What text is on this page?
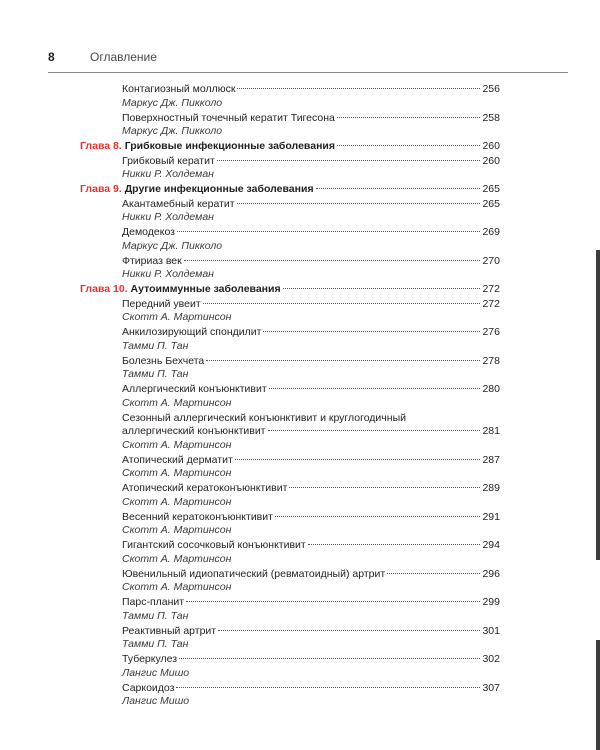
8	Оглавление
Контагиозный моллюск	256
Маркус Дж. Пикколо
Поверхностный точечный кератит Тигесона	258
Маркус Дж. Пикколо
Глава 8. Грибковые инфекционные заболевания	260
Грибковый кератит	260
Никки Р. Холдеман
Глава 9. Другие инфекционные заболевания	265
Акантамебный кератит	265
Никки Р. Холдеман
Демодекоз	269
Маркус Дж. Пикколо
Фтириаз век	270
Никки Р. Холдеман
Глава 10. Аутоиммунные заболевания	272
Передний увеит	272
Скотт А. Мартинсон
Анкилозирующий спондилит	276
Тамми П. Тан
Болезнь Бехчета	278
Тамми П. Тан
Аллергический конъюнктивит	280
Скотт А. Мартинсон
Сезонный аллергический конъюнктивит и круглогодичный
аллергический конъюнктивит	281
Скотт А. Мартинсон
Атопический дерматит	287
Скотт А. Мартинсон
Атопический кератоконъюнктивит	289
Скотт А. Мартинсон
Весенний кератоконъюнктивит	291
Скотт А. Мартинсон
Гигантский сосочковый конъюнктивит	294
Скотт А. Мартинсон
Ювенильный идиопатический (ревматоидный) артрит	296
Скотт А. Мартинсон
Парс-планит	299
Тамми П. Тан
Реактивный артрит	301
Тамми П. Тан
Туберкулез	302
Лангис Мишо
Саркоидоз	307
Лангис Мишо
